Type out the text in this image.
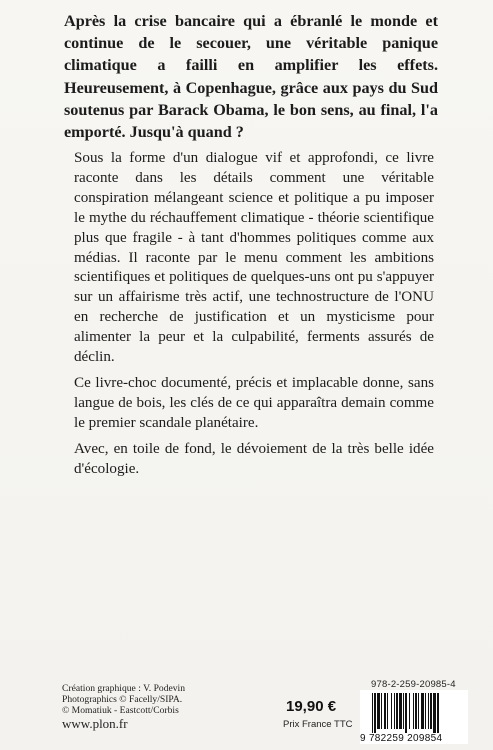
Après la crise bancaire qui a ébranlé le monde et continue de le secouer, une véritable panique climatique a failli en amplifier les effets. Heureusement, à Copenhague, grâce aux pays du Sud soutenus par Barack Obama, le bon sens, au final, l'a emporté. Jusqu'à quand ?

Sous la forme d'un dialogue vif et approfondi, ce livre raconte dans les détails comment une véritable conspiration mélangeant science et politique a pu imposer le mythe du réchauffement climatique - théorie scientifique plus que fragile - à tant d'hommes politiques comme aux médias. Il raconte par le menu comment les ambitions scientifiques et politiques de quelques-uns ont pu s'appuyer sur un affairisme très actif, une technostructure de l'ONU en recherche de justification et un mysticisme pour alimenter la peur et la culpabilité, ferments assurés de déclin.

Ce livre-choc documenté, précis et implacable donne, sans langue de bois, les clés de ce qui apparaîtra demain comme le premier scandale planétaire.

Avec, en toile de fond, le dévoiement de la très belle idée d'écologie.

Création graphique : V. Podevin
Photographics © Facelly/SIPA.
© Momatiuk - Eastcott/Corbis
www.plon.fr
19,90 €
Prix France TTC
978-2-259-20985-4
9 782259 209854
